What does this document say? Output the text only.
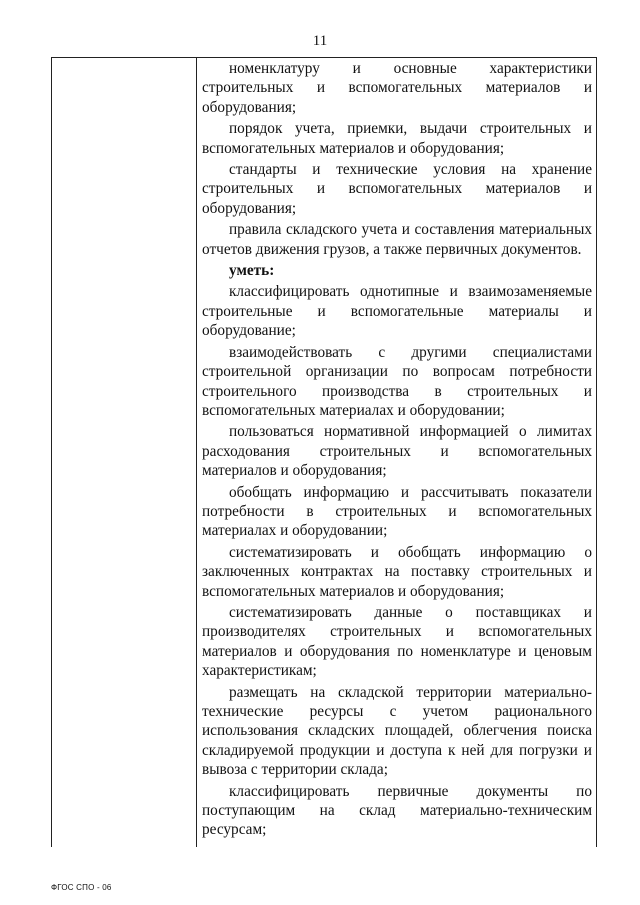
11

номенклатуру и основные характеристики строительных и вспомогательных материалов и оборудования;

порядок учета, приемки, выдачи строительных и вспомогательных материалов и оборудования;

стандарты и технические условия на хранение строительных и вспомогательных материалов и оборудования;

правила складского учета и составления материальных отчетов движения грузов, а также первичных документов.

уметь:

классифицировать однотипные и взаимозаменяемые строительные и вспомогательные материалы и оборудование;

взаимодействовать с другими специалистами строительной организации по вопросам потребности строительного производства в строительных и вспомогательных материалах и оборудовании;

пользоваться нормативной информацией о лимитах расходования строительных и вспомогательных материалов и оборудования;

обобщать информацию и рассчитывать показатели потребности в строительных и вспомогательных материалах и оборудовании;

систематизировать и обобщать информацию о заключенных контрактах на поставку строительных и вспомогательных материалов и оборудования;

систематизировать данные о поставщиках и производителях строительных и вспомогательных материалов и оборудования по номенклатуре и ценовым характеристикам;

размещать на складской территории материально-технические ресурсы с учетом рационального использования складских площадей, облегчения поиска складируемой продукции и доступа к ней для погрузки и вывоза с территории склада;

классифицировать первичные документы по поступающим на склад материально-техническим ресурсам;

ФГОС СПО - 06
